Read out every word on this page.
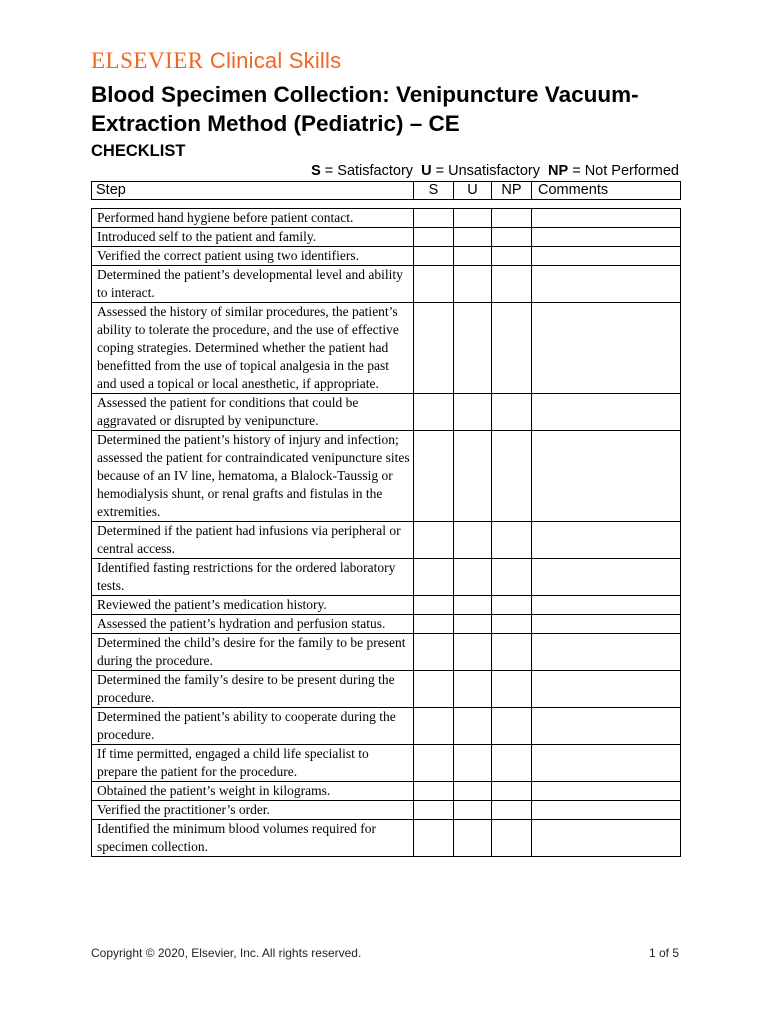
ELSEVIER Clinical Skills
Blood Specimen Collection: Venipuncture Vacuum-Extraction Method (Pediatric) – CE
CHECKLIST
S = Satisfactory  U = Unsatisfactory  NP = Not Performed
Step	S	U	NP	Comments
Performed hand hygiene before patient contact.				
Introduced self to the patient and family.				
Verified the correct patient using two identifiers.				
Determined the patient’s developmental level and ability to interact.				
Assessed the history of similar procedures, the patient’s ability to tolerate the procedure, and the use of effective coping strategies. Determined whether the patient had benefitted from the use of topical analgesia in the past and used a topical or local anesthetic, if appropriate.				
Assessed the patient for conditions that could be aggravated or disrupted by venipuncture.				
Determined the patient’s history of injury and infection; assessed the patient for contraindicated venipuncture sites because of an IV line, hematoma, a Blalock-Taussig or hemodialysis shunt, or renal grafts and fistulas in the extremities.				
Determined if the patient had infusions via peripheral or central access.				
Identified fasting restrictions for the ordered laboratory tests.				
Reviewed the patient’s medication history.				
Assessed the patient’s hydration and perfusion status.				
Determined the child’s desire for the family to be present during the procedure.				
Determined the family’s desire to be present during the procedure.				
Determined the patient’s ability to cooperate during the procedure.				
If time permitted, engaged a child life specialist to prepare the patient for the procedure.				
Obtained the patient’s weight in kilograms.				
Verified the practitioner’s order.				
Identified the minimum blood volumes required for specimen collection.				
Copyright © 2020, Elsevier, Inc. All rights reserved.	1 of 5
